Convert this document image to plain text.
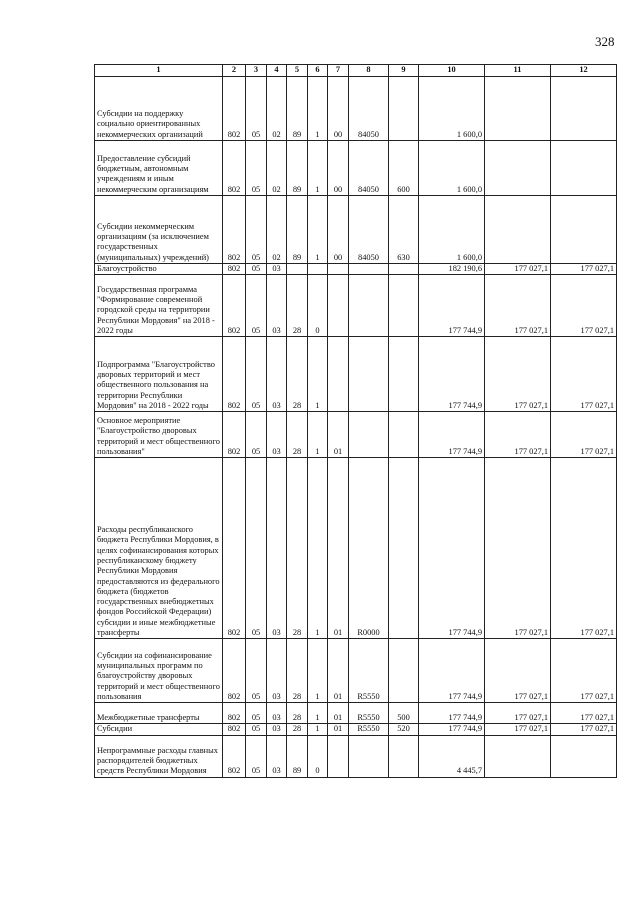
328
1	2	3	4	5	6	7	8	9	10	11	12
Субсидии на поддержку социально ориентированных некоммерческих организаций	802	05	02	89	1	00	84050		1 600,0		
Предоставление субсидий бюджетным, автономным учреждениям и иным некоммерческим организациям	802	05	02	89	1	00	84050	600	1 600,0		
Субсидии некоммерческим организациям (за исключением государственных (муниципальных) учреждений)	802	05	02	89	1	00	84050	630	1 600,0		
Благоустройство	802	05	03						182 190,6	177 027,1	177 027,1
Государственная программа "Формирование современной городской среды на территории Республики Мордовия" на 2018 - 2022 годы	802	05	03	28	0				177 744,9	177 027,1	177 027,1
Подпрограмма "Благоустройство дворовых территорий и мест общественного пользования на территории Республики Мордовия" на 2018 - 2022 годы	802	05	03	28	1				177 744,9	177 027,1	177 027,1
Основное мероприятие "Благоустройство дворовых территорий и мест общественного пользования"	802	05	03	28	1	01			177 744,9	177 027,1	177 027,1
Расходы республиканского бюджета Республики Мордовия, в целях софинансирования которых республиканскому бюджету Республики Мордовия предоставляются из федерального бюджета (бюджетов государственных внебюджетных фондов Российской Федерации) субсидии и иные межбюджетные трансферты	802	05	03	28	1	01	R0000		177 744,9	177 027,1	177 027,1
Субсидии на софинансирование муниципальных программ по благоустройству дворовых территорий и мест общественного пользования	802	05	03	28	1	01	R5550		177 744,9	177 027,1	177 027,1
Межбюджетные трансферты	802	05	03	28	1	01	R5550	500	177 744,9	177 027,1	177 027,1
Субсидии	802	05	03	28	1	01	R5550	520	177 744,9	177 027,1	177 027,1
Непрограммные расходы главных распорядителей бюджетных средств Республики Мордовия	802	05	03	89	0				4 445,7		
